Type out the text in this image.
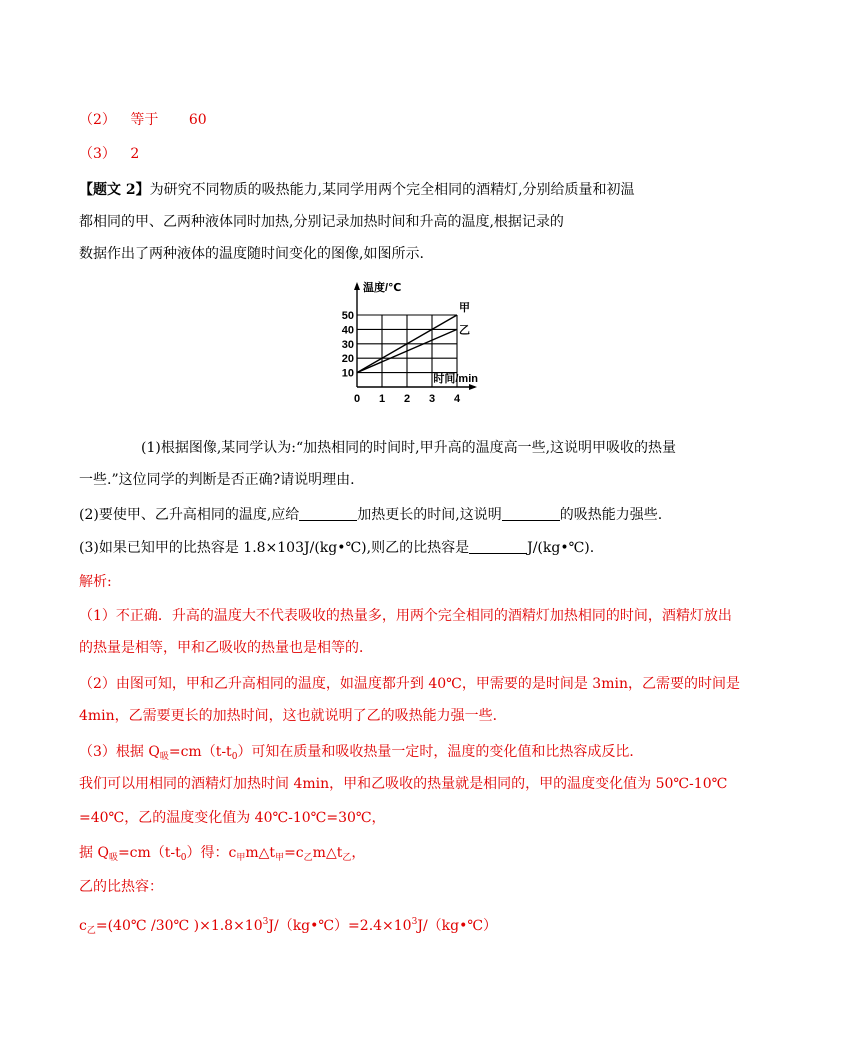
（2） 等于 60
（3） 2
【题文 2】为研究不同物质的吸热能力,某同学用两个完全相同的酒精灯,分别给质量和初温
都相同的甲、乙两种液体同时加热,分别记录加热时间和升高的温度,根据记录的
数据作出了两种液体的温度随时间变化的图像,如图所示.
甲
乙
10
20
30
40
50
0 1 2 3 4
温度/℃
时间/min
(1)根据图像,某同学认为:“加热相同的时间时,甲升高的温度高一些,这说明甲吸收的热量
一些.”这位同学的判断是否正确?请说明理由.
(2)要使甲、乙升高相同的温度,应给	加热更长的时间,这说明	的吸热能力强些.
(3)如果已知甲的比热容是 1.8×103J/(kg•℃),则乙的比热容是	J/(kg•℃).
解析:
（1）不正确．升高的温度大不代表吸收的热量多，用两个完全相同的酒精灯加热相同的时间，酒精灯放出
的热量是相等，甲和乙吸收的热量也是相等的．
（2）由图可知，甲和乙升高相同的温度，如温度都升到 40℃，甲需要的是时间是 3min，乙需要的时间是
4min，乙需要更长的加热时间，这也就说明了乙的吸热能力强一些．
（3）根据 $Q_吸=cm(t-t_0)$可知在质量和吸收热量一定时，温度的变化值和比热容成反比．
我们可以用相同的酒精灯加热时间 4min，甲和乙吸收的热量就是相同的，甲的温度变化值为 50℃-10℃
=40℃，乙的温度变化值为 40℃-10℃=30℃，
据 $Q_吸=cm(t-t_0)$得：$c_甲m\triangle t_甲=c_乙m\triangle t_乙$，
乙的比热容：
$c_乙=(40℃$ /30℃ )$\times 1.8\times 10^3J/(kg•℃)=2.4\times 10^3J/(kg•℃)$
